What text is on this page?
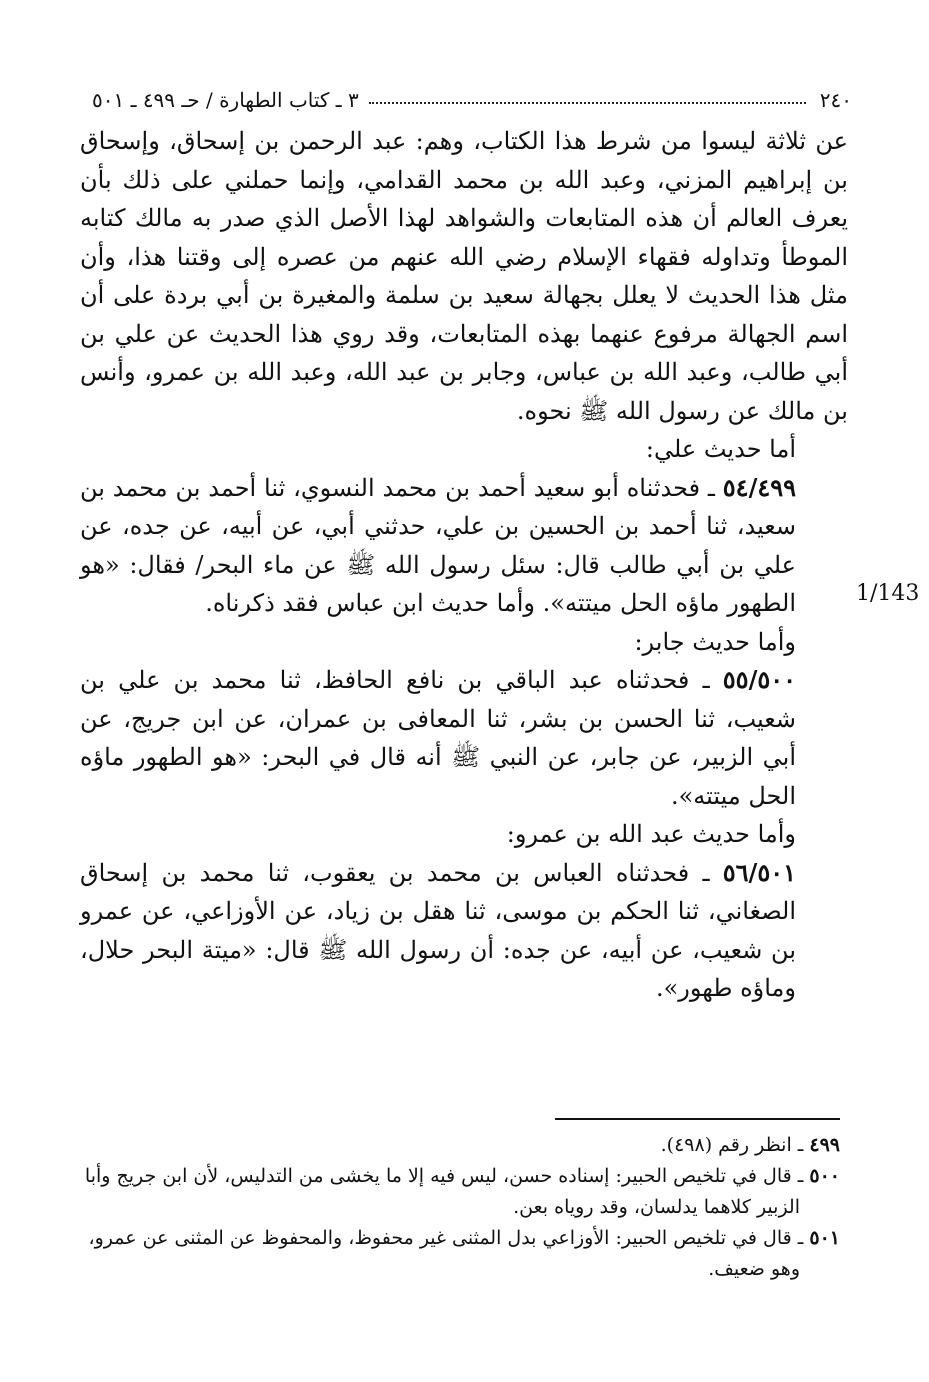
٢٤٠
٣ ـ كتاب الطهارة / حـ ٤٩٩ ـ ٥٠١

عن ثلاثة ليسوا من شرط هذا الكتاب، وهم: عبد الرحمن بن إسحاق، وإسحاق بن إبراهيم المزني، وعبد الله بن محمد القدامي، وإنما حملني على ذلك بأن يعرف العالم أن هذه المتابعات والشواهد لهذا الأصل الذي صدر به مالك كتابه الموطأ وتداوله فقهاء الإسلام رضي الله عنهم من عصره إلى وقتنا هذا، وأن مثل هذا الحديث لا يعلل بجهالة سعيد بن سلمة والمغيرة بن أبي بردة على أن اسم الجهالة مرفوع عنهما بهذه المتابعات، وقد روي هذا الحديث عن علي بن أبي طالب، وعبد الله بن عباس، وجابر بن عبد الله، وعبد الله بن عمرو، وأنس بن مالك عن رسول الله ﷺ نحوه.

أما حديث علي:

٥٤/٤٩٩ ـ فحدثناه أبو سعيد أحمد بن محمد النسوي، ثنا أحمد بن محمد بن سعيد، ثنا أحمد بن الحسين بن علي، حدثني أبي، عن أبيه، عن جده، عن علي بن أبي طالب قال: سئل رسول الله ﷺ عن ماء البحر/ فقال: «هو الطهور ماؤه الحل ميتته». وأما حديث ابن عباس فقد ذكرناه.

وأما حديث جابر:

٥٥/٥٠٠ ـ فحدثناه عبد الباقي بن نافع الحافظ، ثنا محمد بن علي بن شعيب، ثنا الحسن بن بشر، ثنا المعافى بن عمران، عن ابن جريج، عن أبي الزبير، عن جابر، عن النبي ﷺ أنه قال في البحر: «هو الطهور ماؤه الحل ميتته».

وأما حديث عبد الله بن عمرو:

٥٦/٥٠١ ـ فحدثناه العباس بن محمد بن يعقوب، ثنا محمد بن إسحاق الصغاني، ثنا الحكم بن موسى، ثنا هقل بن زياد، عن الأوزاعي، عن عمرو بن شعيب، عن أبيه، عن جده: أن رسول الله ﷺ قال: «ميتة البحر حلال، وماؤه طهور».

1/143

٤٩٩ ـ انظر رقم (٤٩٨).

٥٠٠ ـ قال في تلخيص الحبير: إسناده حسن، ليس فيه إلا ما يخشى من التدليس، لأن ابن جريج وأبا

الزبير كلاهما يدلسان، وقد روياه بعن.

٥٠١ ـ قال في تلخيص الحبير: الأوزاعي بدل المثنى غير محفوظ، والمحفوظ عن المثنى عن عمرو،

وهو ضعيف.
